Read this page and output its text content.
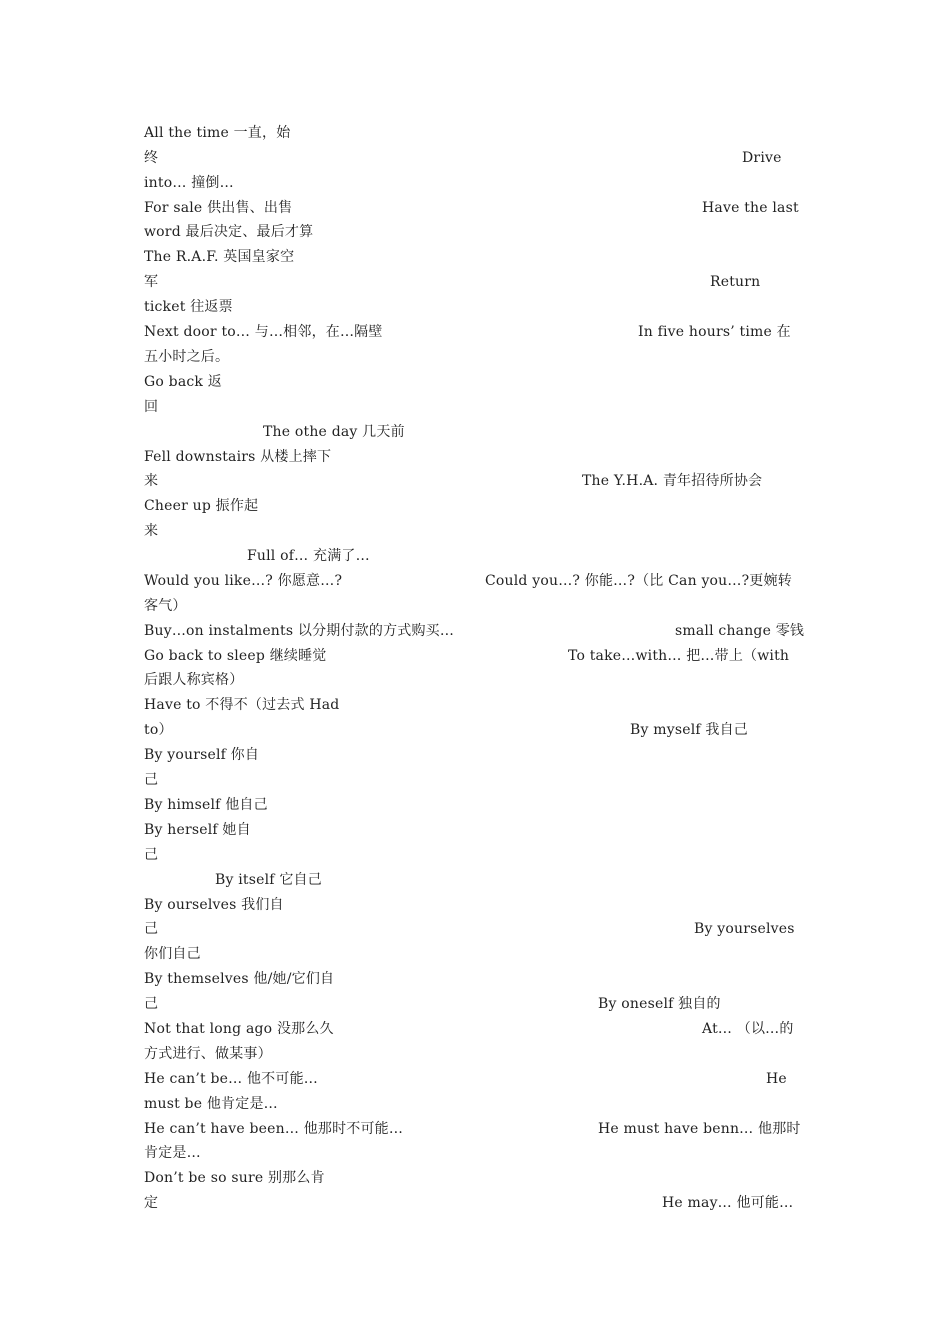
All the time 一直，始
终	Drive
into… 撞倒…
For sale 供出售、出售	Have the last
word 最后决定、最后才算
The R.A.F. 英国皇家空
军	Return
ticket 往返票
Next door to… 与…相邻，在…隔壁	In five hours’ time 在
五小时之后。
Go back 返
回
The othe day 几天前
Fell downstairs 从楼上摔下
来	The Y.H.A. 青年招待所协会
Cheer up 振作起
来
Full of… 充满了…
Would you like…? 你愿意…?	Could you…? 你能…?（比 Can you…?更婉转
客气）
Buy…on instalments 以分期付款的方式购买…	small change 零钱
Go back to sleep 继续睡觉	To take…with… 把…带上（with
后跟人称宾格）
Have to 不得不（过去式 Had
to）	By myself 我自己
By yourself 你自
己
By himself 他自己
By herself 她自
己
By itself 它自己
By ourselves 我们自
己	By yourselves
你们自己
By themselves 他/她/它们自
己	By oneself 独自的
Not that long ago 没那么久	At… （以…的
方式进行、做某事）
He can’t be… 他不可能…	He
must be 他肯定是…
He can’t have been… 他那时不可能…	He must have benn… 他那时
肯定是…
Don’t be so sure 别那么肯
定	He may… 他可能…
